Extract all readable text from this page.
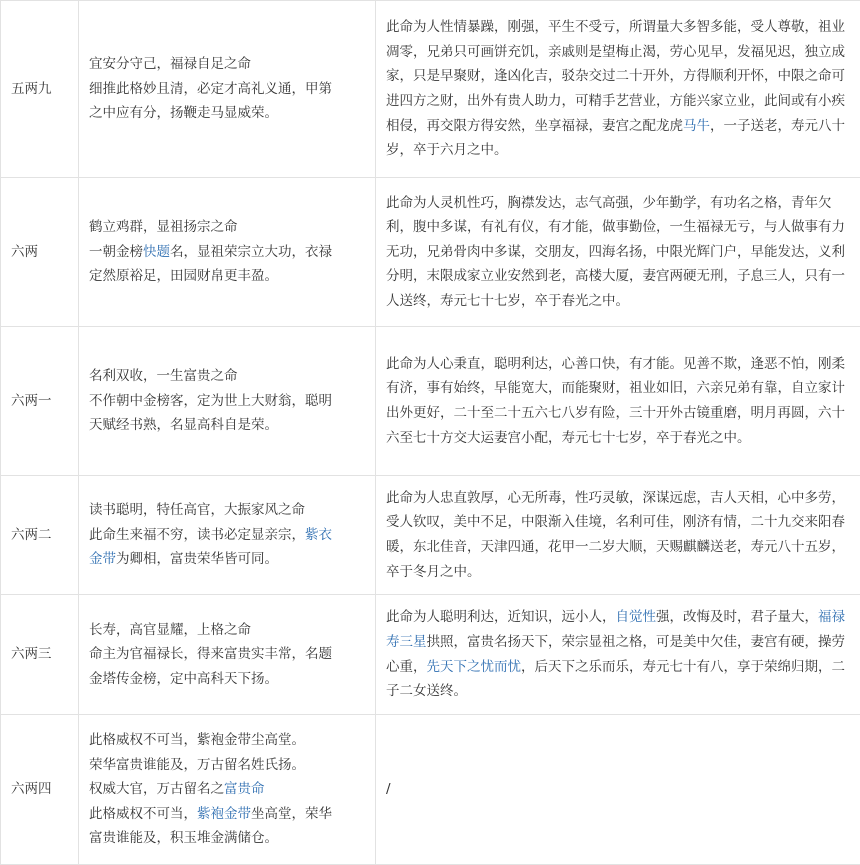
五两九	宜安分守己，福禄自足之命
细推此格妙且清，必定才高礼义通，甲第
之中应有分，扬鞭走马显威荣。	此命为人性情暴躁，刚强，平生不受亏，所谓量大多智多能，受人尊敬，祖业凋零，兄弟只可画饼充饥，亲戚则是望梅止渴，劳心见早，发福见迟，独立成家，只是早聚财，逢凶化吉，驳杂交过二十开外，方得顺利开怀，中限之命可进四方之财，出外有贵人助力，可精手艺营业，方能兴家立业，此间或有小疾相侵，再交限方得安然，坐享福禄，妻宫之配龙虎马牛，一子送老，寿元八十岁，卒于六月之中。

六两	鹤立鸡群，显祖扬宗之命
一朝金榜快题名，显祖荣宗立大功，衣禄
定然原裕足，田园财帛更丰盈。	此命为人灵机性巧，胸襟发达，志气高强，少年勤学，有功名之格，青年欠利，腹中多谋，有礼有仪，有才能，做事勤俭，一生福禄无亏，与人做事有力无功，兄弟骨肉中多谋，交朋友，四海名扬，中限光辉门户，早能发达，义利分明，末限成家立业安然到老，高楼大厦，妻宫两硬无刑，子息三人，只有一人送终，寿元七十七岁，卒于春光之中。

六两一	名利双收，一生富贵之命
不作朝中金榜客，定为世上大财翁，聪明
天赋经书熟，名显高科自是荣。	此命为人心秉直，聪明利达，心善口快，有才能。见善不欺，逢恶不怕，刚柔有济，事有始终，早能宽大，而能聚财，祖业如旧，六亲兄弟有靠，自立家计出外更好，二十至二十五六七八岁有险，三十开外古镜重磨，明月再圆，六十六至七十方交大运妻宫小配，寿元七十七岁，卒于春光之中。

六两二	读书聪明，特任高官，大振家风之命
此命生来福不穷，读书必定显亲宗，紫衣
金带为卿相，富贵荣华皆可同。	此命为人忠直敦厚，心无所毒，性巧灵敏，深谋远虑，吉人天相，心中多劳，受人钦叹，美中不足，中限渐入佳境，名利可佳，刚济有情，二十九交来阳春暖，东北佳音，天津四通，花甲一二岁大顺，天赐麒麟送老，寿元八十五岁，卒于冬月之中。

六两三	长寿，高官显耀，上格之命
命主为官福禄长，得来富贵实丰常，名题
金塔传金榜，定中高科天下扬。	此命为人聪明利达，近知识，远小人，自觉性强，改悔及时，君子量大，福禄寿三星拱照，富贵名扬天下，荣宗显祖之格，可是美中欠佳，妻宫有硬，操劳心重，先天下之忧而忧，后天下之乐而乐，寿元七十有八，享于荣绵归期，二子二女送终。

六两四	此格威权不可当，紫袍金带尘高堂。
荣华富贵谁能及，万古留名姓氏扬。
权威大官，万古留名之富贵命
此格威权不可当，紫袍金带坐高堂，荣华
富贵谁能及，积玉堆金满储仓。	/
